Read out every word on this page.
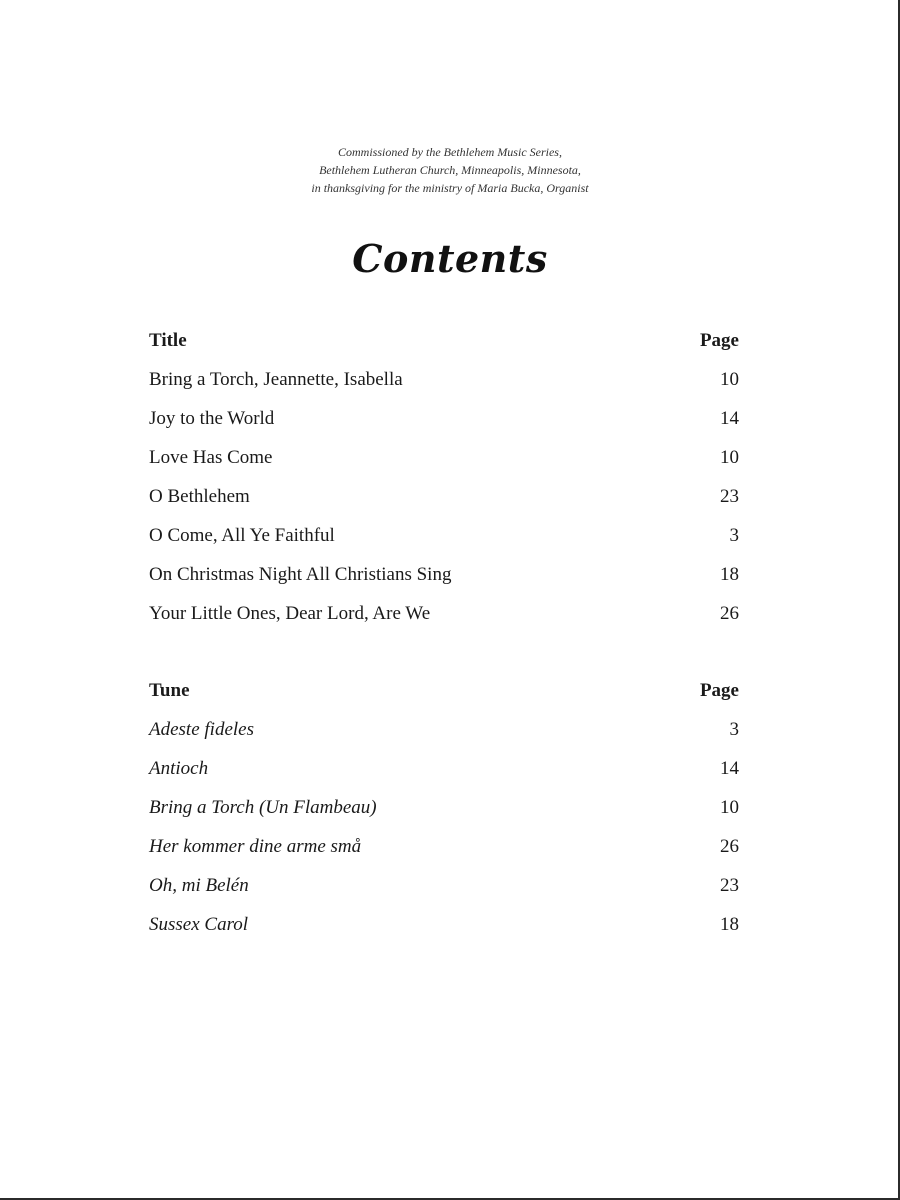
Commissioned by the Bethlehem Music Series,
Bethlehem Lutheran Church, Minneapolis, Minnesota,
in thanksgiving for the ministry of Maria Bucka, Organist
Contents
Title	Page
Bring a Torch, Jeannette, Isabella	10
Joy to the World	14
Love Has Come	10
O Bethlehem	23
O Come, All Ye Faithful	3
On Christmas Night All Christians Sing	18
Your Little Ones, Dear Lord, Are We	26
Tune	Page
Adeste fideles	3
Antioch	14
Bring a Torch (Un Flambeau)	10
Her kommer dine arme små	26
Oh, mi Belén	23
Sussex Carol	18
